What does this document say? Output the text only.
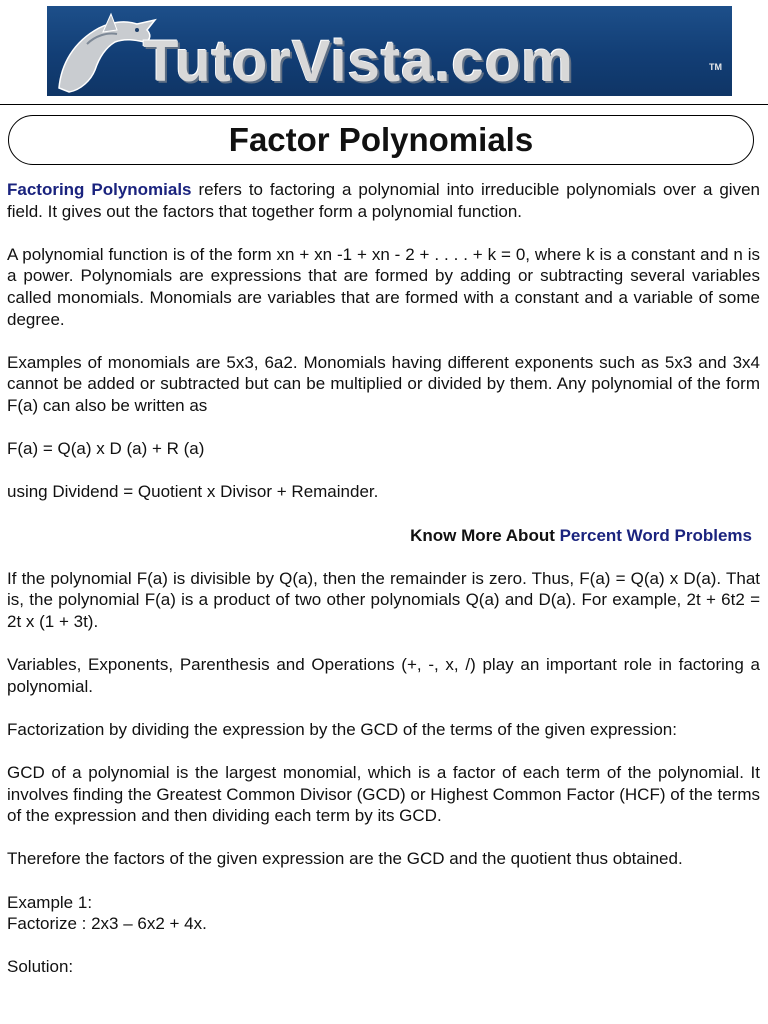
TutorVista.com	TM
Factor Polynomials

Factoring Polynomials refers to factoring a polynomial into irreducible polynomials over a given field. It gives out the factors that together form a polynomial function.

A polynomial function is of the form xn + xn -1 + xn - 2 + . . . . + k = 0, where k is a constant and n is a power. Polynomials are expressions that are formed by adding or subtracting several variables called monomials. Monomials are variables that are formed with a constant and a variable of some degree.

Examples of monomials are 5x3, 6a2. Monomials having different exponents such as 5x3 and 3x4 cannot be added or subtracted but can be multiplied or divided by them. Any polynomial of the form F(a) can also be written as

F(a) = Q(a) x D (a) + R (a)

using Dividend = Quotient x Divisor + Remainder.

Know More About Percent Word Problems

If the polynomial F(a) is divisible by Q(a), then the remainder is zero. Thus, F(a) = Q(a) x D(a). That is, the polynomial F(a) is a product of two other polynomials Q(a) and D(a). For example, 2t + 6t2 = 2t x (1 + 3t).

Variables, Exponents, Parenthesis and Operations (+, -, x, /) play an important role in factoring a polynomial.

Factorization by dividing the expression by the GCD of the terms of the given expression:

GCD of a polynomial is the largest monomial, which is a factor of each term of the polynomial. It involves finding the Greatest Common Divisor (GCD) or Highest Common Factor (HCF) of the terms of the expression and then dividing each term by its GCD.

Therefore the factors of the given expression are the GCD and the quotient thus obtained.

Example 1:
Factorize : 2x3 – 6x2 + 4x.

Solution:
